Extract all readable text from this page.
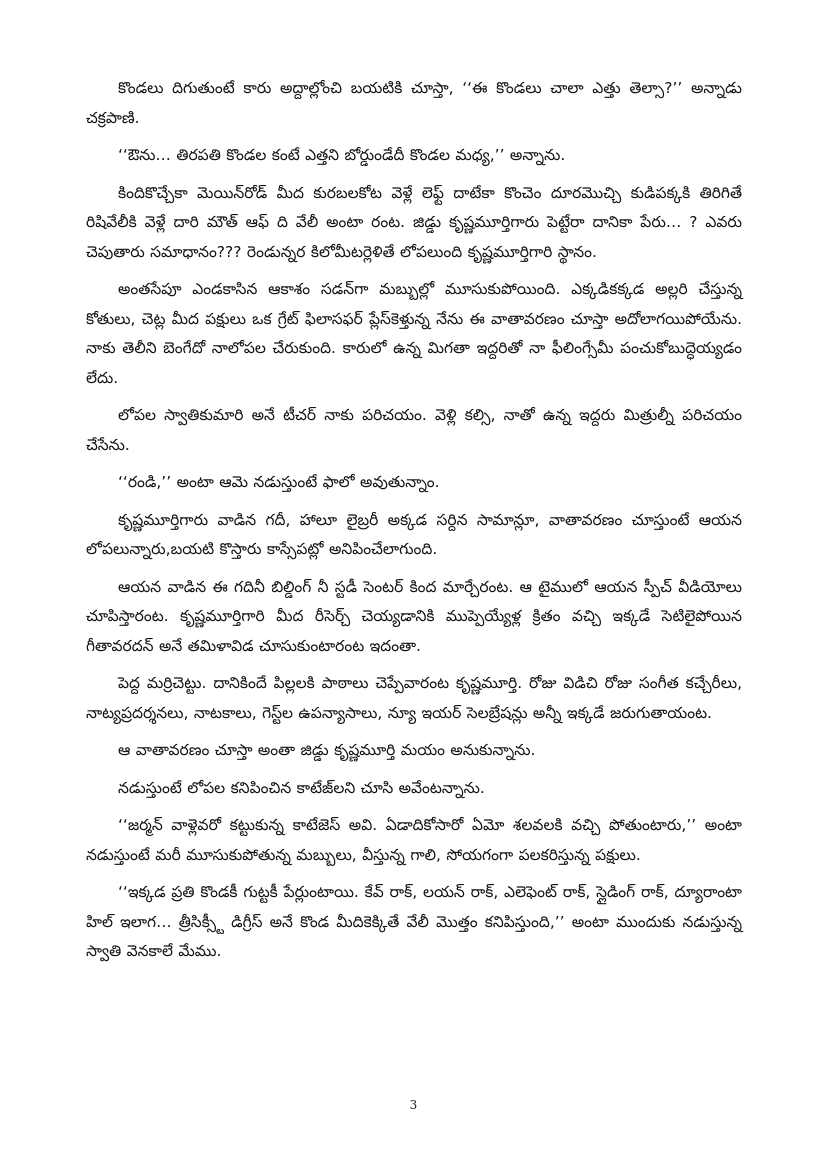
కొండలు దిగుతుంటే కారు అద్దాల్లోంచి బయటికి చూస్తా, ‘‘ఈ కొండలు చాలా ఎత్తు తెల్సా?’’ అన్నాడు చక్రపాణి.

‘‘ఔను… తిరపతి కొండల కంటే ఎత్తని బోర్డుండేదీ కొండల మధ్య,’’ అన్నాను.

కిందికొచ్చేకా మెయిన్‌రోడ్ మీద కురబలకోట వెళ్లే లెఫ్ట్ దాటేకా కొంచెం దూరమొచ్చి కుడిపక్కకి తిరిగితే రిషివేలీకి వెళ్లే దారి మౌత్ ఆఫ్ ది వేలీ అంటా రంట. జిడ్డు కృష్ణమూర్తిగారు పెట్టేరా దానికా పేరు… ? ఎవరు చెపుతారు సమాధానం??? రెండున్నర కిలోమీటర్లెళితే లోపలుంది కృష్ణమూర్తిగారి స్థానం.

అంతసేపూ ఎండకాసిన ఆకాశం సడన్‌గా మబ్బుల్లో మూసుకుపోయింది. ఎక్కడికక్కడ అల్లరి చేస్తున్న కోతులు, చెట్ల మీద పక్షులు ఒక గ్రేట్ ఫిలాసఫర్ ప్లేస్‌కెళ్తున్న నేను ఈ వాతావరణం చూస్తా అదోలాగయిపోయేను. నాకు తెలీని బెంగేదో నాలోపల చేరుకుంది. కారులో ఉన్న మిగతా ఇద్దరితో నా ఫీలింగ్సేమీ పంచుకోబుద్ధెయ్యడం లేదు.

లోపల స్వాతికుమారి అనే టీచర్ నాకు పరిచయం. వెళ్లి కల్సి, నాతో ఉన్న ఇద్దరు మిత్రుల్నీ పరిచయం చేసేను.

‘‘రండి,’’ అంటా ఆమె నడుస్తుంటే ఫాలో అవుతున్నాం.

కృష్ణమూర్తిగారు వాడిన గదీ, హాలూ లైబ్రరీ అక్కడ సర్దిన సామాన్లూ, వాతావరణం చూస్తుంటే ఆయన లోపలున్నారు,బయటి కొస్తారు కాస్సేపట్లో అనిపించేలాగుంది.

ఆయన వాడిన ఈ గదినీ బిల్డింగ్ నీ స్టడీ సెంటర్ కింద మార్చేరంట. ఆ టైములో ఆయన స్పీచ్ వీడియోలు చూపిస్తారంట. కృష్ణమూర్తిగారి మీద రీసెర్చ్ చెయ్యడానికి ముప్పెయ్యేళ్ల క్రితం వచ్చి ఇక్కడే సెటిలైపోయిన గీతావరదన్ అనే తమిళావిడ చూసుకుంటారంట ఇదంతా.

పెద్ద మర్రిచెట్టు. దానికిందే పిల్లలకి పాఠాలు చెప్పేవారంట కృష్ణమూర్తి. రోజు విడిచి రోజు సంగీత కచ్చేరీలు, నాట్యప్రదర్శనలు, నాటకాలు, గెస్ట్‌ల ఉపన్యాసాలు, న్యూ ఇయర్ సెలబ్రేషన్లు అన్నీ ఇక్కడే జరుగుతాయంట.

ఆ వాతావరణం చూస్తా అంతా జిడ్డు కృష్ణమూర్తి మయం అనుకున్నాను.

నడుస్తుంటే లోపల కనిపించిన కాటేజ్‌లని చూసి అవేంటన్నాను.

‘‘జర్మన్ వాళ్లెవరో కట్టుకున్న కాటేజెస్ అవి. ఏడాదికోసారో ఏమో శలవలకి వచ్చి పోతుంటారు,’’ అంటా నడుస్తుంటే మరీ మూసుకుపోతున్న మబ్బులు, వీస్తున్న గాలి, సోయగంగా పలకరిస్తున్న పక్షులు.

‘‘ఇక్కడ ప్రతి కొండకీ గుట్టకీ పేర్లుంటాయి. కేవ్ రాక్, లయన్ రాక్, ఎలెఫెంట్ రాక్, స్లైడింగ్ రాక్, ద్యూరాంటా హిల్ ఇలాగ… త్రీసిక్స్టీ డిగ్రీస్ అనే కొండ మీదికెక్కితే వేలీ మొత్తం కనిపిస్తుంది,’’ అంటా ముందుకు నడుస్తున్న స్వాతి వెనకాలే మేము.

3
